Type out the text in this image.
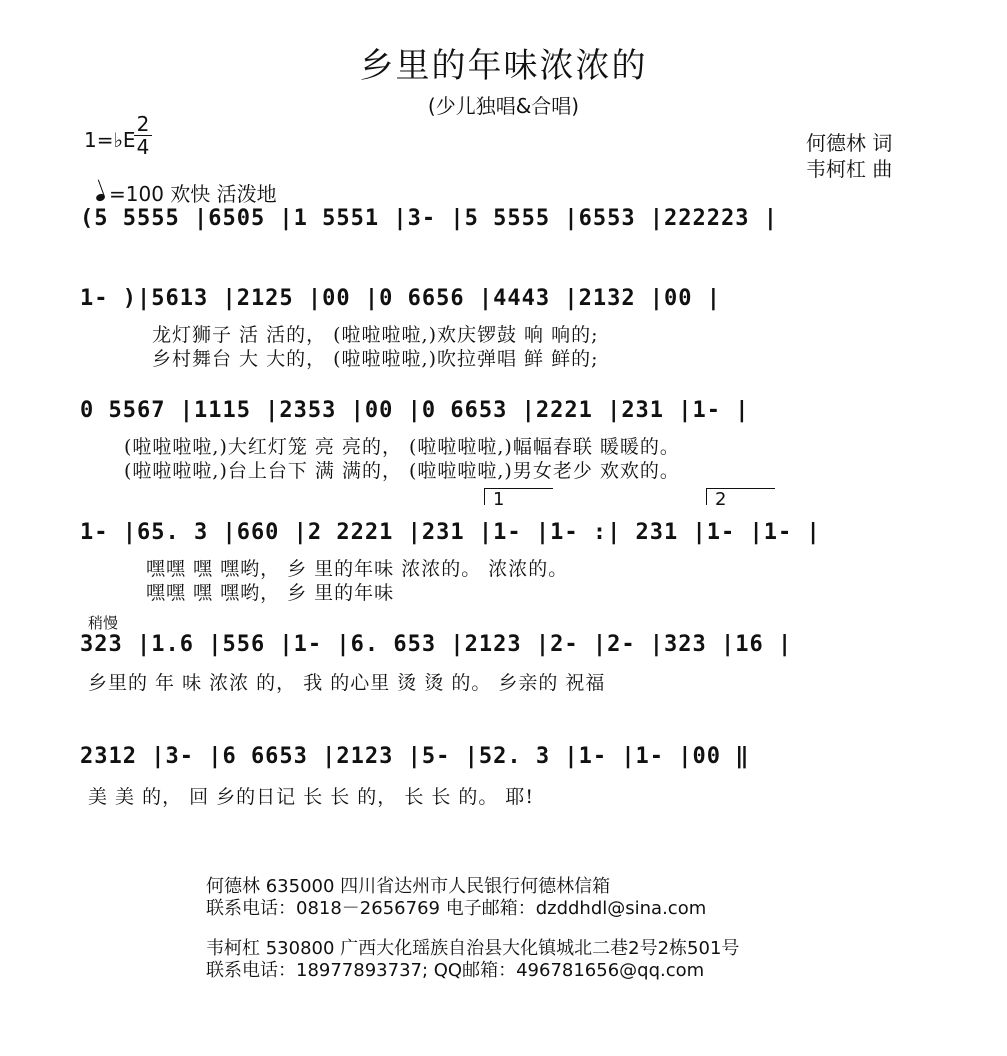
乡里的年味浓浓的
(少儿独唱&合唱)
1=♭E
2
4	何德林 词
韦柯杠 曲
=100 欢快 活泼地
(5 5555 |6505 |1 5551 |3- |5 5555 |6553 |222223 |
1- )|5613 |2125 |00 |0 6656 |4443 |2132 |00 |
龙灯狮子 活 活的， (啦啦啦啦,)欢庆锣鼓 响 响的;
乡村舞台 大 大的， (啦啦啦啦,)吹拉弹唱 鲜 鲜的;
0 5567 |1115 |2353 |00 |0 6653 |2221 |231 |1- |
(啦啦啦啦,)大红灯笼 亮 亮的， (啦啦啦啦,)幅幅春联 暖暖的。
(啦啦啦啦,)台上台下 满 满的， (啦啦啦啦,)男女老少 欢欢的。
1	2
1- |65. 3 |660 |2 2221 |231 |1- |1- :| 231 |1- |1- |
嘿嘿 嘿 嘿哟， 乡 里的年味 浓浓的。 浓浓的。
嘿嘿 嘿 嘿哟， 乡 里的年味
稍慢
323 |1.6 |556 |1- |6. 653 |2123 |2- |2- |323 |16 |
乡里的 年 味 浓浓 的， 我 的心里 烫 烫 的。 乡亲的 祝福
2312 |3- |6 6653 |2123 |5- |52. 3 |1- |1- |00 ‖
美 美 的， 回 乡的日记 长 长 的， 长 长 的。 耶!
何德林 635000 四川省达州市人民银行何德林信箱
联系电话：0818－2656769 电子邮箱：dzddhdl@sina.com
韦柯杠 530800 广西大化瑶族自治县大化镇城北二巷2号2栋501号
联系电话：18977893737; QQ邮箱：496781656@qq.com
